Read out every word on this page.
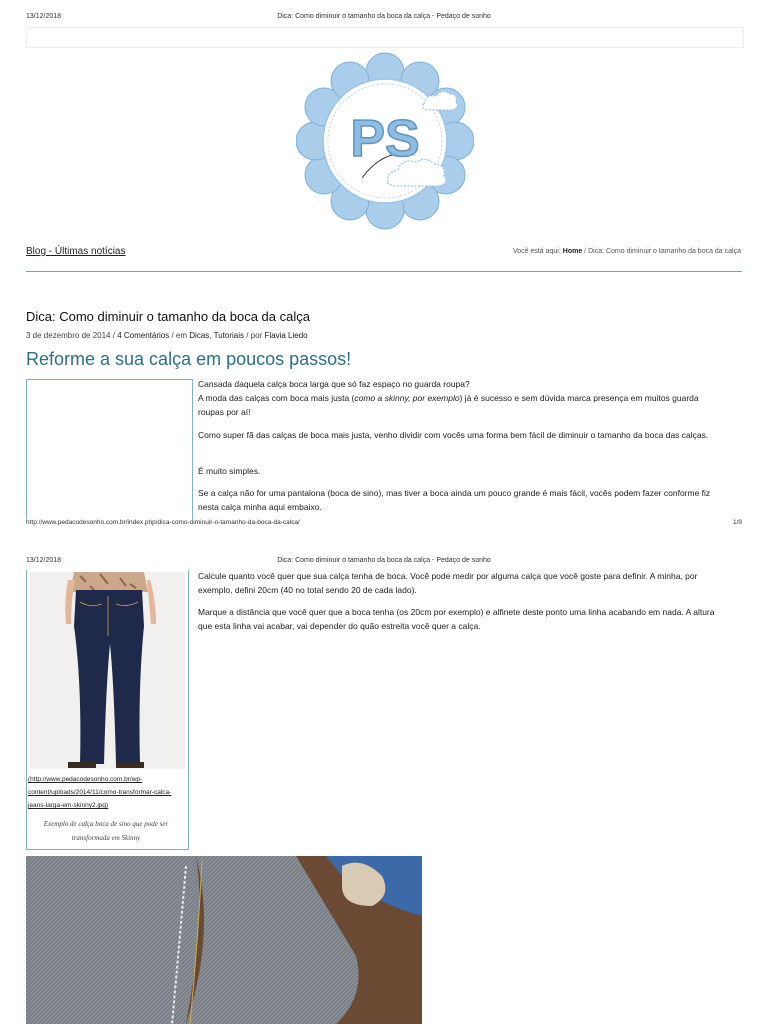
13/12/2018	Dica: Como diminuir o tamanho da boca da calça - Pedaço de sonho
PS
Blog - Últimas notícias	Você está aqui: Home / Dica: Como diminuir o tamanho da boca da calça
Dica: Como diminuir o tamanho da boca da calça
3 de dezembro de 2014 / 4 Comentários / em Dicas, Tutoriais / por Flavia Liedo
Reforme a sua calça em poucos passos!
Cansada daquela calça boca larga que só faz espaço no guarda roupa?
A moda das calças com boca mais justa (como a skinny, por exemplo) já é sucesso e sem dúvida marca presença em muitos guarda roupas por aí!
Como super fã das calças de boca mais justa, venho dividir com vocês uma forma bem fácil de diminuir o tamanho da boca das calças.
É muito simples.
Se a calça não for uma pantalona (boca de sino), mas tiver a boca ainda um pouco grande é mais fácil, vocês podem fazer conforme fiz nesta calça minha aqui embaixo.
http://www.pedacodesonho.com.br/index.php/dica-como-diminuir-o-tamanho-da-boca-da-calca/	1/9
13/12/2018	Dica: Como diminuir o tamanho da boca da calça - Pedaço de sonho
(http://www.pedacodesonho.com.br/wp-content/uploads/2014/11/como-transformar-calca-jeans-larga-em-skinny2.jpg)
Exemplo de calça boca de sino que pode ser transformada em Skinny
Calcule quanto você quer que sua calça tenha de boca. Você pode medir por alguma calça que você goste para definir. A minha, por exemplo, defini 20cm (40 no total sendo 20 de cada lado).
Marque a distância que você quer que a boca tenha (os 20cm por exemplo) e alfinete deste ponto uma linha acabando em nada. A altura que esta linha vai acabar, vai depender do quão estreita você quer a calça.
